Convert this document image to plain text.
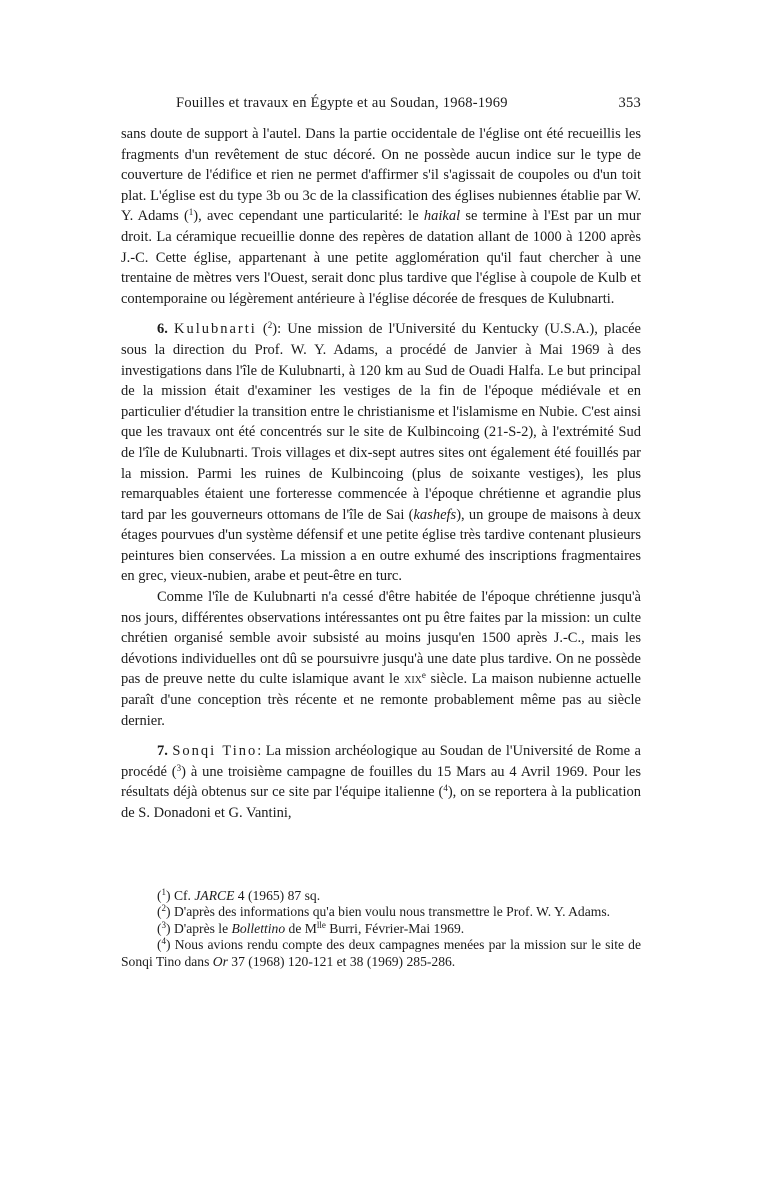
Fouilles et travaux en Égypte et au Soudan, 1968-1969	353

sans doute de support à l'autel. Dans la partie occidentale de l'église ont été recueillis les fragments d'un revêtement de stuc décoré. On ne possède aucun indice sur le type de couverture de l'édifice et rien ne permet d'affirmer s'il s'agissait de coupoles ou d'un toit plat. L'église est du type 3b ou 3c de la classification des églises nubiennes établie par W. Y. Adams ($^1$), avec cependant une particularité: le haikal se termine à l'Est par un mur droit. La céramique recueillie donne des repères de datation allant de 1000 à 1200 après J.-C. Cette église, appartenant à une petite agglomération qu'il faut chercher à une trentaine de mètres vers l'Ouest, serait donc plus tardive que l'église à coupole de Kulb et contemporaine ou légèrement antérieure à l'église décorée de fresques de Kulubnarti.

6. Kulubnarti ($^2$): Une mission de l'Université du Kentucky (U.S.A.), placée sous la direction du Prof. W. Y. Adams, a procédé de Janvier à Mai 1969 à des investigations dans l'île de Kulubnarti, à 120 km au Sud de Ouadi Halfa. Le but principal de la mission était d'examiner les vestiges de la fin de l'époque médiévale et en particulier d'étudier la transition entre le christianisme et l'islamisme en Nubie. C'est ainsi que les travaux ont été concentrés sur le site de Kulbincoing (21-S-2), à l'extrémité Sud de l'île de Kulubnarti. Trois villages et dix-sept autres sites ont également été fouillés par la mission. Parmi les ruines de Kulbincoing (plus de soixante vestiges), les plus remarquables étaient une forteresse commencée à l'époque chrétienne et agrandie plus tard par les gouverneurs ottomans de l'île de Sai (kashefs), un groupe de maisons à deux étages pourvues d'un système défensif et une petite église très tardive contenant plusieurs peintures bien conservées. La mission a en outre exhumé des inscriptions fragmentaires en grec, vieux-nubien, arabe et peut-être en turc.

Comme l'île de Kulubnarti n'a cessé d'être habitée de l'époque chrétienne jusqu'à nos jours, différentes observations intéressantes ont pu être faites par la mission: un culte chrétien organisé semble avoir subsisté au moins jusqu'en 1500 après J.-C., mais les dévotions individuelles ont dû se poursuivre jusqu'à une date plus tardive. On ne possède pas de preuve nette du culte islamique avant le xix$^e$ siècle. La maison nubienne actuelle paraît d'une conception très récente et ne remonte probablement même pas au siècle dernier.

7. Sonqi Tino: La mission archéologique au Soudan de l'Université de Rome a procédé ($^3$) à une troisième campagne de fouilles du 15 Mars au 4 Avril 1969. Pour les résultats déjà obtenus sur ce site par l'équipe italienne ($^4$), on se reportera à la publication de S. Donadoni et G. Vantini,

($^1$) Cf. JARCE 4 (1965) 87 sq.

($^2$) D'après des informations qu'a bien voulu nous transmettre le Prof. W. Y. Adams.

($^3$) D'après le Bollettino de $M^{lle}$ Burri, Février-Mai 1969.

($^4$) Nous avions rendu compte des deux campagnes menées par la mission sur le site de Sonqi Tino dans Or 37 (1968) 120-121 et 38 (1969) 285-286.
